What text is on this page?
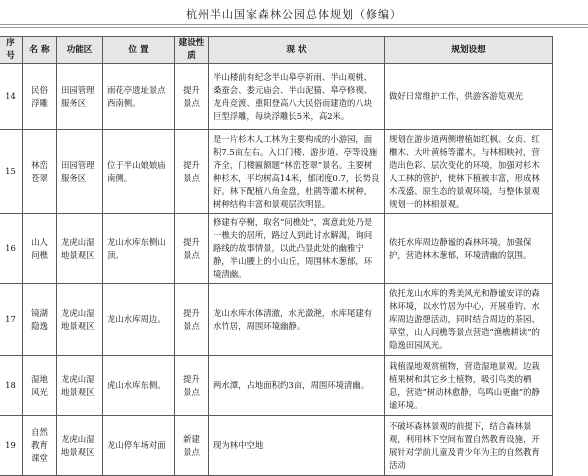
杭州半山国家森林公园总体规划（修编）
序号	名 称	功能区	位 置	建设性质	现 状	规划设想
14	民俗浮雕	田园管理服务区	雨花亭遗址景点西南侧。	提升景点	半山楼前有纪念半山皋亭祈雨、半山观桃、桑蚕会、娄元庙会、半山泥猫、皋亭修禊、龙舟竞渡、重阳登高八大民俗而建造的八块巨型浮雕，每块浮雕长5米，高2米。	做好日常维护工作，供游客游览观光
15	林峦苍翠	田园管理服务区	位于半山娘娘庙南侧。	提升景点	是一片杉木人工林为主要构成的小游园，面积7.5亩左右。入口门楼、游步道、亭等设施齐全，门楼匾额题“林峦苍翠”景名。主要树种杉木，平均树高14米，郁闭度0.7，长势良好。林下配植八角金盘，杜鹃等灌木树种，树种结构丰富和景观层次明显。	规划在游步道两侧增植如红枫、女贞、红檵木、大叶黄杨等灌木，与林相映衬，营造出色彩、层次变化的环境，加强对杉木人工林的管护，使林下植被丰富，形成林木茂盛、原生态的景观环境，与整体景观规划一的林相景观。
16	山人问樵	龙虎山湿地景观区	龙山水库东侧山顶。	提升景点	修建有亭榭，取名“问樵处”，寓意此处乃是一樵夫的居所，路过人到此讨水解渴，询问路线的故事情景，以此凸显此处的幽雅宁静，半山腰上的小山丘，周围林木葱郁，环境清幽。	依托水库周边静谧的森林环境，加强保护，营造林木葱郁，环境清幽的氛围。
17	镜湖隐逸	龙虎山湿地景观区	龙山水库周边。	提升景点	龙山水库水体清澈，水光潋滟，水库尾建有水竹居，周围环境幽静。	依托龙山水库的秀美风光和静谧安详的森林环境，以水竹居为中心，开展垂钓、水库周边游憩活动，同时结合周边的茶园、草堂，山人问樵等景点营造“渔樵耕读”的隐逸田园风光。
18	湿地风光	龙虎山湿地景观区	虎山水库东侧。	提升景点	两水潭，占地面积约3亩，周围环境清幽。	栽植湿地观赏植物，营造湿地景观。边栽植果树和其它乡土植物，吸引鸟类的栖息，营造“树动林愈静，鸟鸣山更幽”的静谧环境。
19	自然教育课堂	龙虎山湿地景观区	龙山停车场对面	新建景点	现为林中空地	不破坏森林景观的前提下，结合森林景观，利用林下空间布置自然教育设施，开展针对学前儿童及青少年为主的自然教育活动
